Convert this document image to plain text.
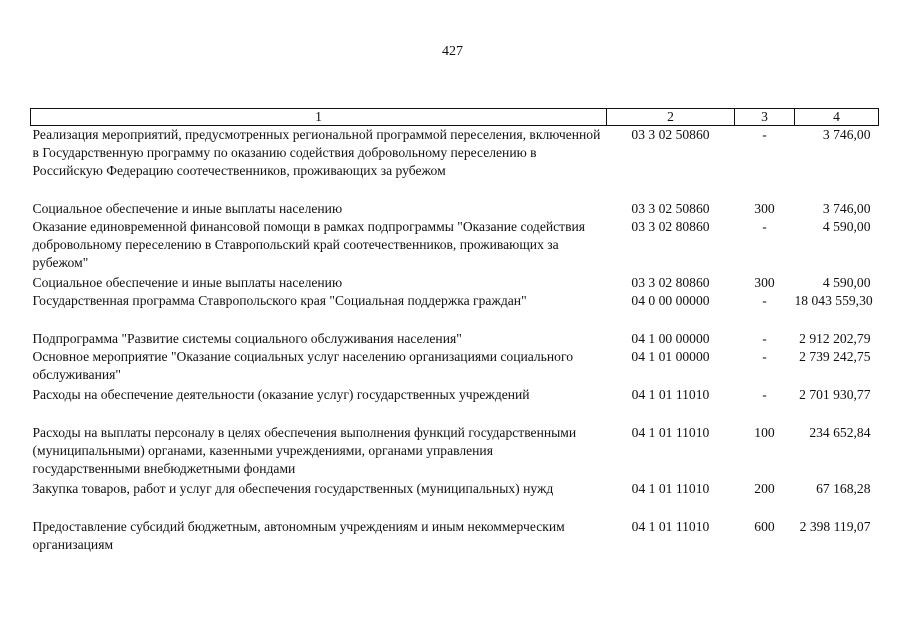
427
1	2	3	4
Реализация мероприятий, предусмотренных региональной программой переселения, включенной в Государственную программу по оказанию содействия добровольному переселению в Российскую Федерацию соотечественников, проживающих за рубежом	03 3 02 50860	-	3 746,00
Социальное обеспечение и иные выплаты населению	03 3 02 50860	300	3 746,00
Оказание единовременной финансовой помощи в рамках подпрограммы "Оказание содействия добровольному переселению в Ставропольский край соотечественников, проживающих за рубежом"	03 3 02 80860	-	4 590,00
Социальное обеспечение и иные выплаты населению	03 3 02 80860	300	4 590,00
Государственная программа Ставропольского края "Социальная поддержка граждан"	04 0 00 00000	-	18 043 559,30
Подпрограмма "Развитие системы социального обслуживания населения"	04 1 00 00000	-	2 912 202,79
Основное мероприятие "Оказание социальных услуг населению организациями социального обслуживания"	04 1 01 00000	-	2 739 242,75
Расходы на обеспечение деятельности (оказание услуг) государственных учреждений	04 1 01 11010	-	2 701 930,77
Расходы на выплаты персоналу в целях обеспечения выполнения функций государственными (муниципальными) органами, казенными учреждениями, органами управления государственными внебюджетными фондами	04 1 01 11010	100	234 652,84
Закупка товаров, работ и услуг для обеспечения государственных (муниципальных) нужд	04 1 01 11010	200	67 168,28
Предоставление субсидий бюджетным, автономным учреждениям и иным некоммерческим организациям	04 1 01 11010	600	2 398 119,07
